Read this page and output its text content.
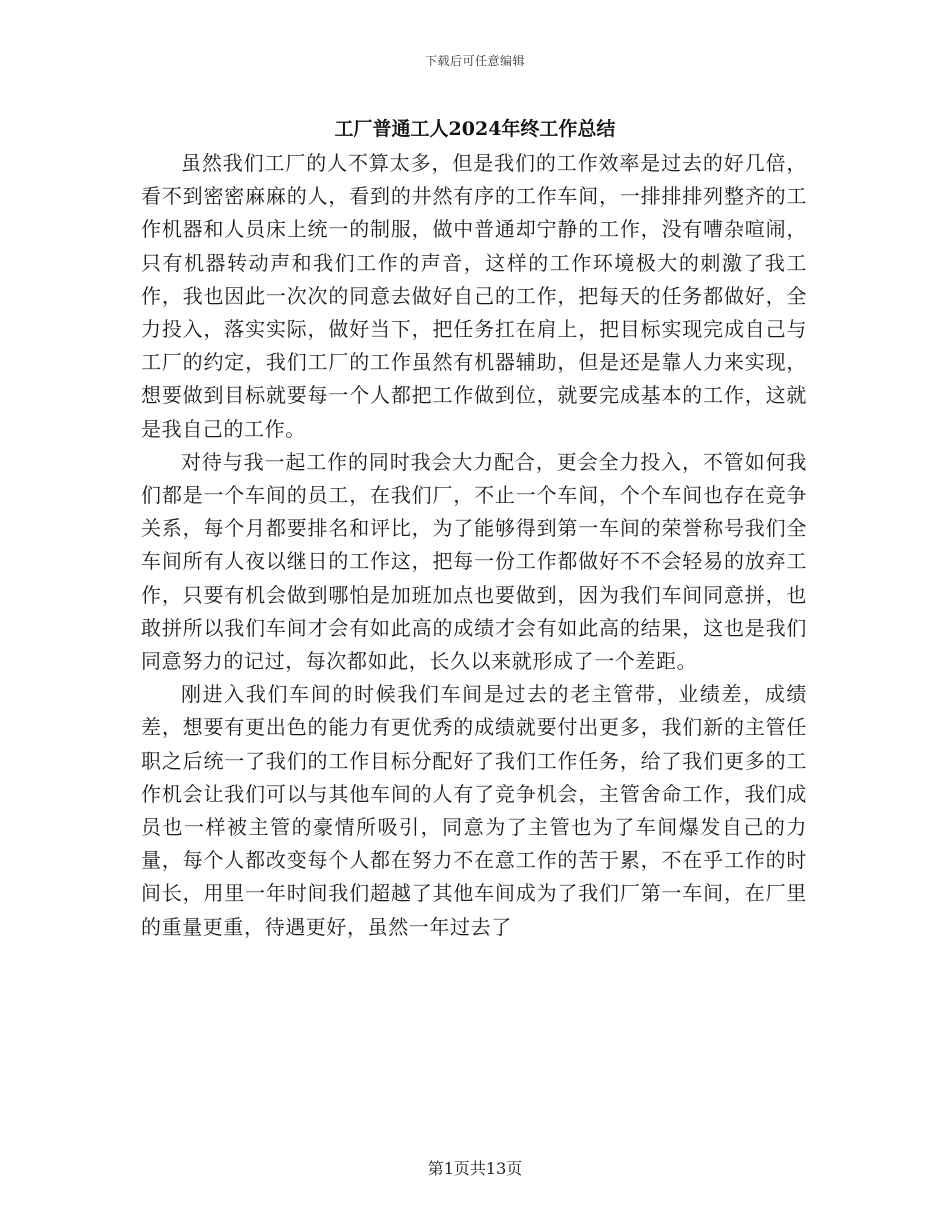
下载后可任意编辑
工厂普通工人2024年终工作总结

虽然我们工厂的人不算太多，但是我们的工作效率是过去的好几倍，看不到密密麻麻的人，看到的井然有序的工作车间，一排排排列整齐的工作机器和人员床上统一的制服，做中普通却宁静的工作，没有嘈杂喧闹，只有机器转动声和我们工作的声音，这样的工作环境极大的刺激了我工作，我也因此一次次的同意去做好自己的工作，把每天的任务都做好，全力投入，落实实际，做好当下，把任务扛在肩上，把目标实现完成自己与工厂的约定，我们工厂的工作虽然有机器辅助，但是还是靠人力来实现，想要做到目标就要每一个人都把工作做到位，就要完成基本的工作，这就是我自己的工作。

对待与我一起工作的同时我会大力配合，更会全力投入，不管如何我们都是一个车间的员工，在我们厂，不止一个车间，个个车间也存在竞争关系，每个月都要排名和评比，为了能够得到第一车间的荣誉称号我们全车间所有人夜以继日的工作这，把每一份工作都做好不不会轻易的放弃工作，只要有机会做到哪怕是加班加点也要做到，因为我们车间同意拼，也敢拼所以我们车间才会有如此高的成绩才会有如此高的结果，这也是我们同意努力的记过，每次都如此，长久以来就形成了一个差距。

刚进入我们车间的时候我们车间是过去的老主管带，业绩差，成绩差，想要有更出色的能力有更优秀的成绩就要付出更多，我们新的主管任职之后统一了我们的工作目标分配好了我们工作任务，给了我们更多的工作机会让我们可以与其他车间的人有了竞争机会，主管舍命工作，我们成员也一样被主管的豪情所吸引，同意为了主管也为了车间爆发自己的力量，每个人都改变每个人都在努力不在意工作的苦于累，不在乎工作的时间长，用里一年时间我们超越了其他车间成为了我们厂第一车间，在厂里的重量更重，待遇更好，虽然一年过去了

第1页共13页
